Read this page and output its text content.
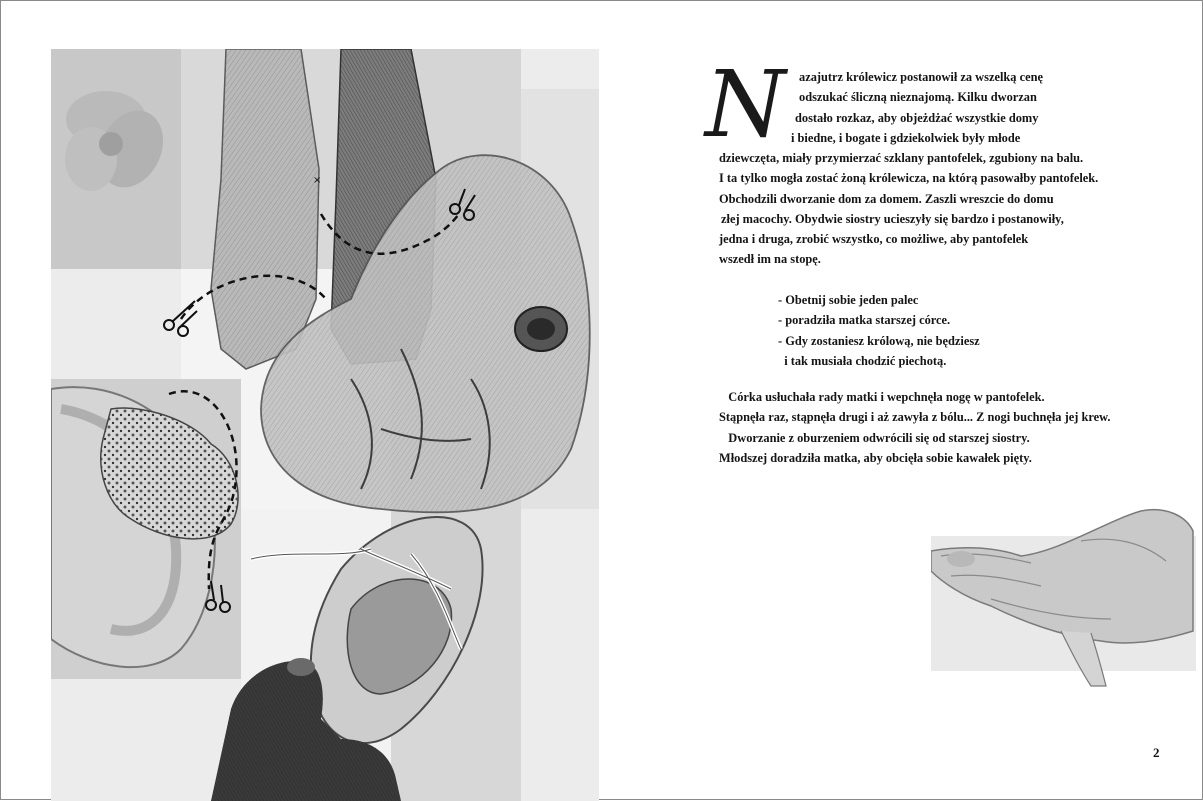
×
N azajutrz królewicz postanowił za wszelką cenę
odszukać śliczną nieznajomą. Kilku dworzan
dostało rozkaz, aby objeżdżać wszystkie domy
i biedne, i bogate i gdziekolwiek były młode
dziewczęta, miały przymierzać szklany pantofelek, zgubiony na balu.
I ta tylko mogła zostać żoną królewicza, na którą pasowałby pantofelek.
Obchodzili dworzanie dom za domem. Zaszli wreszcie do domu
złej macochy. Obydwie siostry ucieszyły się bardzo i postanowiły,
jedna i druga, zrobić wszystko, co możliwe, aby pantofelek
wszedł im na stopę.
- Obetnij sobie jeden palec
- poradziła matka starszej córce.
- Gdy zostaniesz królową, nie będziesz
i tak musiała chodzić piechotą.
Córka usłuchała rady matki i wepchnęła nogę w pantofelek.
Stąpnęła raz, stąpnęła drugi i aż zawyła z bólu... Z nogi buchnęła jej krew.
Dworzanie z oburzeniem odwrócili się od starszej siostry.
Młodszej doradziła matka, aby obcięła sobie kawałek pięty.
2
